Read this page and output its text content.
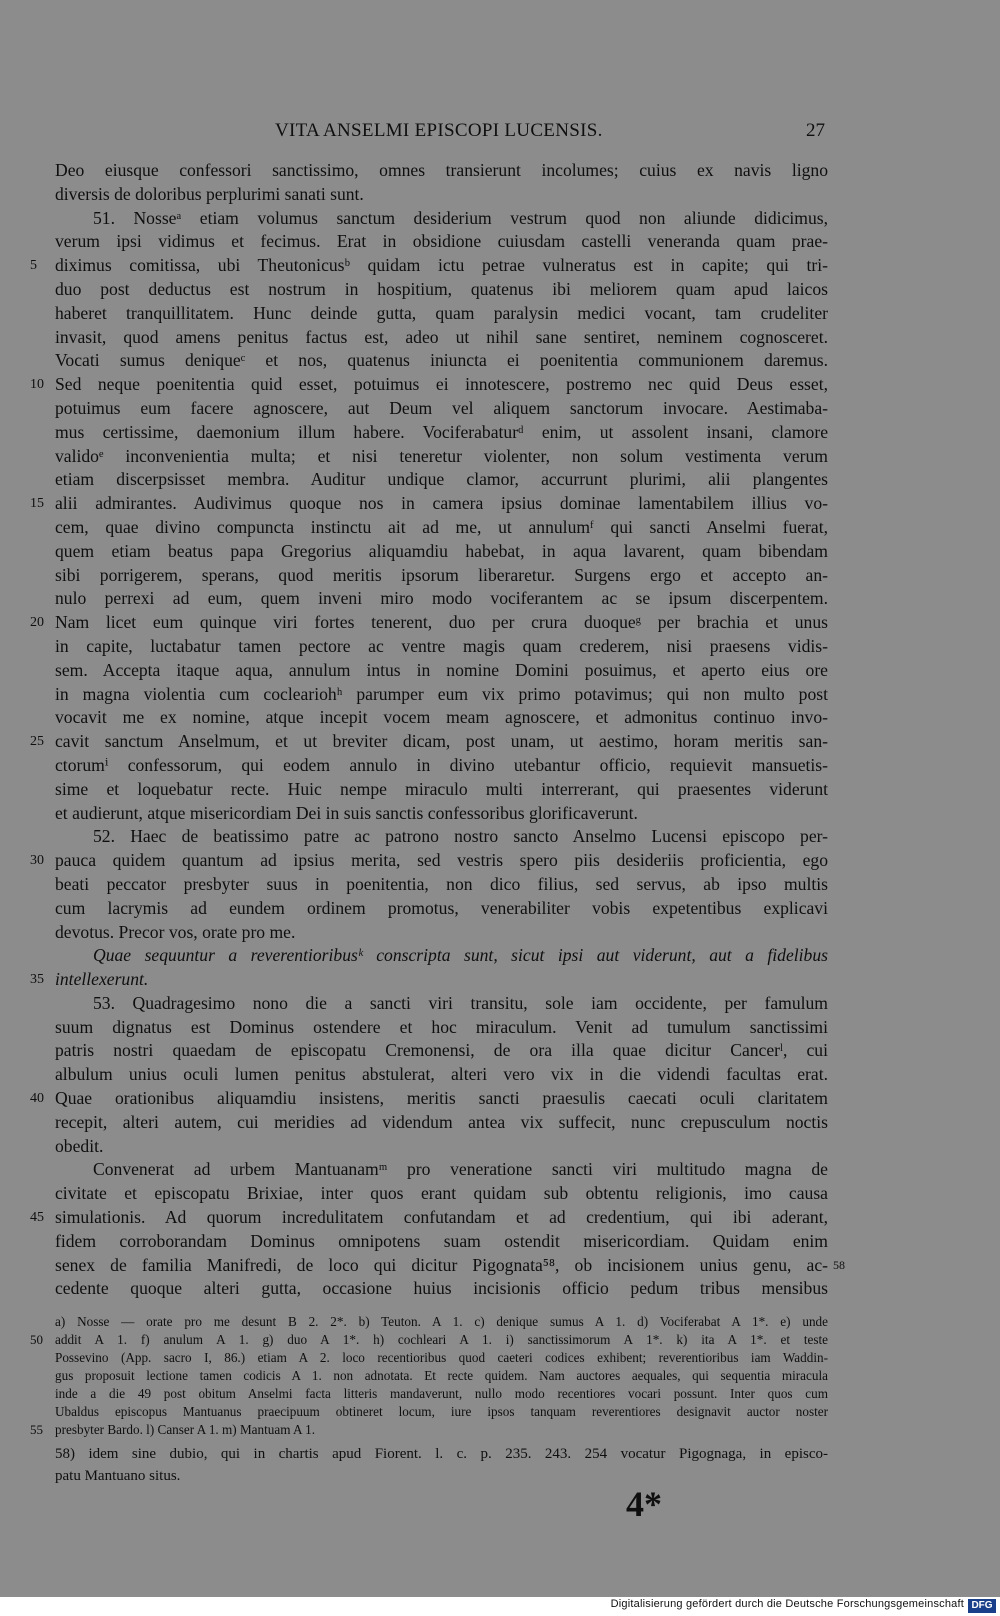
VITA ANSELMI EPISCOPI LUCENSIS.	27
Deo eiusque confessori sanctissimo, omnes transierunt incolumes; cuius ex navis ligno
diversis de doloribus perplurimi sanati sunt.
51. Nosseᵃ etiam volumus sanctum desiderium vestrum quod non aliunde didicimus,
verum ipsi vidimus et fecimus. Erat in obsidione cuiusdam castelli veneranda quam prae-
5	diximus comitissa, ubi Theutonicusᵇ quidam ictu petrae vulneratus est in capite; qui tri-
duo post deductus est nostrum in hospitium, quatenus ibi meliorem quam apud laicos
haberet tranquillitatem. Hunc deinde gutta, quam paralysin medici vocant, tam crudeliter
invasit, quod amens penitus factus est, adeo ut nihil sane sentiret, neminem cognosceret.
Vocati sumus deniqueᶜ et nos, quatenus iniuncta ei poenitentia communionem daremus.
10 Sed neque poenitentia quid esset, potuimus ei innotescere, postremo nec quid Deus esset,
potuimus eum facere agnoscere, aut Deum vel aliquem sanctorum invocare. Aestimaba-
mus certissime, daemonium illum habere. Vociferabaturᵈ enim, ut assolent insani, clamore
validoᵉ inconvenientia multa; et nisi teneretur violenter, non solum vestimenta verum
etiam discerpsisset membra. Auditur undique clamor, accurrunt plurimi, alii plangentes
15 alii admirantes. Audivimus quoque nos in camera ipsius dominae lamentabilem illius vo-
cem, quae divino compuncta instinctu ait ad me, ut annulumᶠ qui sancti Anselmi fuerat,
quem etiam beatus papa Gregorius aliquamdiu habebat, in aqua lavarent, quam bibendam
sibi porrigerem, sperans, quod meritis ipsorum liberaretur. Surgens ergo et accepto an-
nulo perrexi ad eum, quem inveni miro modo vociferantem ac se ipsum discerpentem.
20 Nam licet eum quinque viri fortes tenerent, duo per crura duoqueᵍ per brachia et unus
in capite, luctabatur tamen pectore ac ventre magis quam crederem, nisi praesens vidis-
sem. Accepta itaque aqua, annulum intus in nomine Domini posuimus, et aperto eius ore
in magna violentia cum cocleariohʰ parumper eum vix primo potavimus; qui non multo post
vocavit me ex nomine, atque incepit vocem meam agnoscere, et admonitus continuo invo-
25 cavit sanctum Anselmum, et ut breviter dicam, post unam, ut aestimo, horam meritis san-
ctorumⁱ confessorum, qui eodem annulo in divino utebantur officio, requievit mansuetis-
sime et loquebatur recte. Huic nempe miraculo multi interrerant, qui praesentes viderunt
et audierunt, atque misericordiam Dei in suis sanctis confessoribus glorificaverunt.
52. Haec de beatissimo patre ac patrono nostro sancto Anselmo Lucensi episcopo per-
30 pauca quidem quantum ad ipsius merita, sed vestris spero piis desideriis proficientia, ego
beati peccator presbyter suus in poenitentia, non dico filius, sed servus, ab ipso multis
cum lacrymis ad eundem ordinem promotus, venerabiliter vobis expetentibus explicavi
devotus. Precor vos, orate pro me.
Quae sequuntur a reverentioribusᵏ conscripta sunt, sicut ipsi aut viderunt, aut a fidelibus
35 intellexerunt.
53. Quadragesimo nono die a sancti viri transitu, sole iam occidente, per famulum
suum dignatus est Dominus ostendere et hoc miraculum. Venit ad tumulum sanctissimi
patris nostri quaedam de episcopatu Cremonensi, de ora illa quae dicitur Cancerˡ, cui
albulum unius oculi lumen penitus abstulerat, alteri vero vix in die videndi facultas erat.
40 Quae orationibus aliquamdiu insistens, meritis sancti praesulis caecati oculi claritatem
recepit, alteri autem, cui meridies ad videndum antea vix suffecit, nunc crepusculum noctis
obedit.
Convenerat ad urbem Mantuanamᵐ pro veneratione sancti viri multitudo magna de
civitate et episcopatu Brixiae, inter quos erant quidam sub obtentu religionis, imo causa
45 simulationis. Ad quorum incredulitatem confutandam et ad credentium, qui ibi aderant,
fidem corroborandam Dominus omnipotens suam ostendit misericordiam. Quidam enim
senex de familia Manifredi, de loco qui dicitur Pigognata⁵⁸, ob incisionem unius genu, ac- 58
cedente quoque alteri gutta, occasione huius incisionis officio pedum tribus mensibus
a) Nosse — orate pro me desunt B 2. 2*. b) Teuton. A 1. c) denique sumus A 1. d) Vociferabat A 1*. e) unde
50 addit A 1. f) anulum A 1. g) duo A 1*. h) cochleari A 1. i) sanctissimorum A 1*. k) ita A 1*. et teste
Possevino (App. sacro I, 86.) etiam A 2. loco recentioribus quod caeteri codices exhibent; reverentioribus iam Waddin-
gus proposuit lectione tamen codicis A 1. non adnotata. Et recte quidem. Nam auctores aequales, qui sequentia miracula
inde a die 49 post obitum Anselmi facta litteris mandaverunt, nullo modo recentiores vocari possunt. Inter quos cum
Ubaldus episcopus Mantuanus praecipuum obtineret locum, iure ipsos tanquam reverentiores designavit auctor noster
55 presbyter Bardo. l) Canser A 1. m) Mantuam A 1.
58) idem sine dubio, qui in chartis apud Fiorent. l. c. p. 235. 243. 254 vocatur Pigognaga, in episco-
patu Mantuano situs.
4*
Digitalisierung gefördert durch die Deutsche Forschungsgemeinschaft DFG
